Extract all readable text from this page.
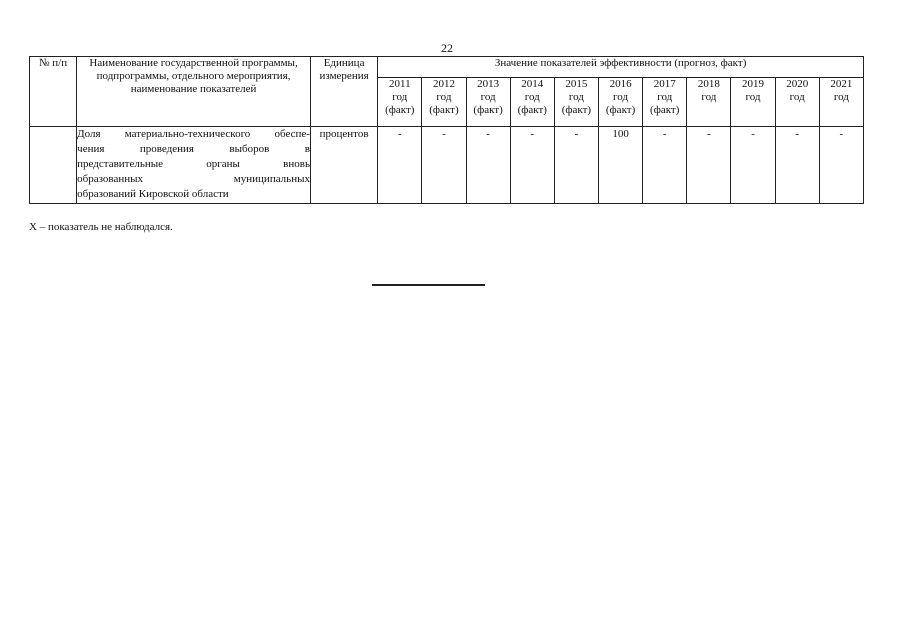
22
№ п/п	Наименование государственной программы, подпрограммы, отдельного мероприятия, наименование показателей	Единица измерения	Значение показателей эффективности (прогноз, факт)										

			2011
год
(факт)	2012
год
(факт)	2013
год
(факт)	2014
год
(факт)	2015
год
(факт)	2016
год
(факт)	2017
год
(факт)	2018
год	2019
год	2020
год	2021
год

	Доля материально-технического обеспе-
чения проведения выборов в
представительные органы вновь
образованных муниципальных
образований Кировской области	процентов	-	-	-	-	-	100	-	-	-	-	-
Х – показатель не наблюдался.
